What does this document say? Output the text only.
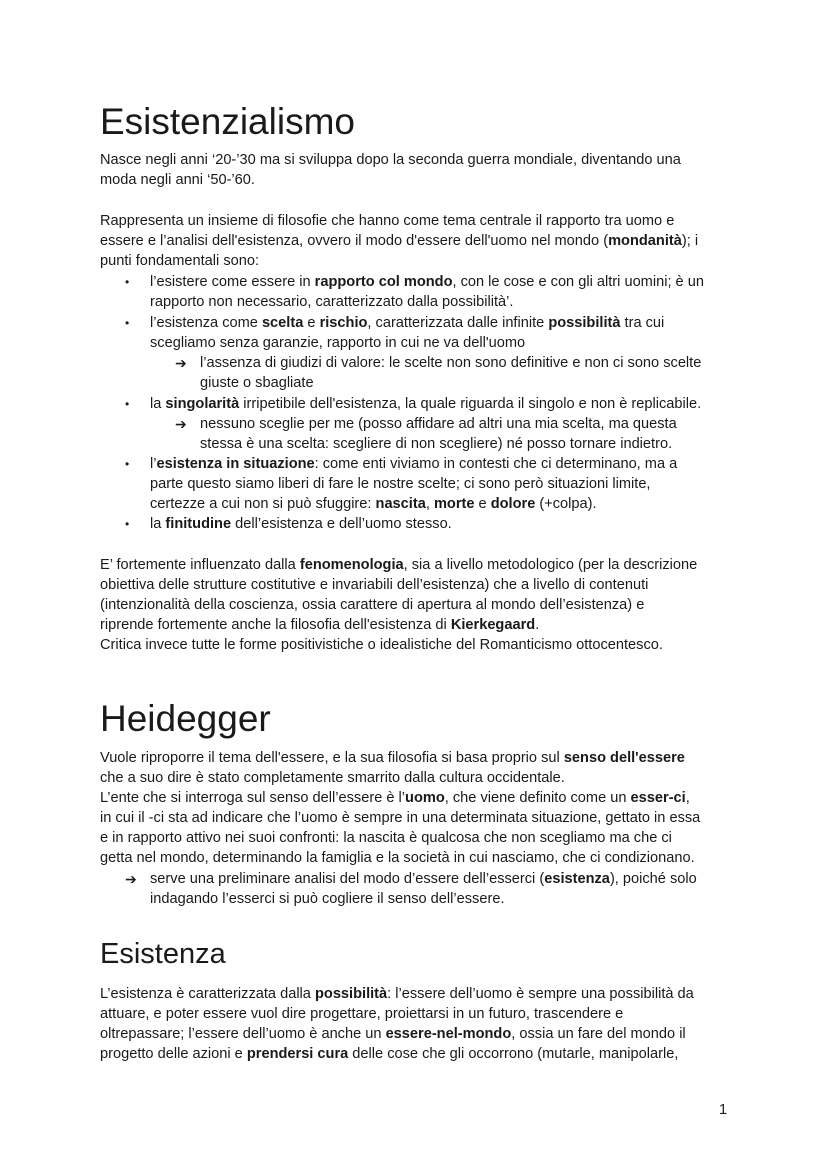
Esistenzialismo
Nasce negli anni ‘20-’30 ma si sviluppa dopo la seconda guerra mondiale, diventando una
moda negli anni ‘50-’60.
Rappresenta un insieme di filosofie che hanno come tema centrale il rapporto tra uomo e
essere e l’analisi dell'esistenza, ovvero il modo d'essere dell'uomo nel mondo (mondanità); i
punti fondamentali sono:
• l’esistere come essere in rapporto col mondo, con le cose e con gli altri uomini; è un
rapporto non necessario, caratterizzato dalla possibilità’.
• l’esistenza come scelta e rischio, caratterizzata dalle infinite possibilità tra cui
scegliamo senza garanzie, rapporto in cui ne va dell'uomo
➔ l’assenza di giudizi di valore: le scelte non sono definitive e non ci sono scelte
giuste o sbagliate
• la singolarità irripetibile dell'esistenza, la quale riguarda il singolo e non è replicabile.
➔ nessuno sceglie per me (posso affidare ad altri una mia scelta, ma questa
stessa è una scelta: scegliere di non scegliere) né posso tornare indietro.
• l’esistenza in situazione: come enti viviamo in contesti che ci determinano, ma a
parte questo siamo liberi di fare le nostre scelte; ci sono però situazioni limite,
certezze a cui non si può sfuggire: nascita, morte e dolore (+colpa).
• la finitudine dell’esistenza e dell’uomo stesso.
E’ fortemente influenzato dalla fenomenologia, sia a livello metodologico (per la descrizione
obiettiva delle strutture costitutive e invariabili dell’esistenza) che a livello di contenuti
(intenzionalità della coscienza, ossia carattere di apertura al mondo dell’esistenza) e
riprende fortemente anche la filosofia dell'esistenza di Kierkegaard.
Critica invece tutte le forme positivistiche o idealistiche del Romanticismo ottocentesco.
Heidegger
Vuole riproporre il tema dell'essere, e la sua filosofia si basa proprio sul senso dell'essere
che a suo dire è stato completamente smarrito dalla cultura occidentale.
L’ente che si interroga sul senso dell’essere è l’uomo, che viene definito come un esser-ci,
in cui il -ci sta ad indicare che l’uomo è sempre in una determinata situazione, gettato in essa
e in rapporto attivo nei suoi confronti: la nascita è qualcosa che non scegliamo ma che ci
getta nel mondo, determinando la famiglia e la società in cui nasciamo, che ci condizionano.
➔ serve una preliminare analisi del modo d’essere dell’esserci (esistenza), poiché solo
indagando l’esserci si può cogliere il senso dell’essere.
Esistenza
L’esistenza è caratterizzata dalla possibilità: l’essere dell’uomo è sempre una possibilità da
attuare, e poter essere vuol dire progettare, proiettarsi in un futuro, trascendere e
oltrepassare; l’essere dell’uomo è anche un essere-nel-mondo, ossia un fare del mondo il
progetto delle azioni e prendersi cura delle cose che gli occorrono (mutarle, manipolarle,
1
